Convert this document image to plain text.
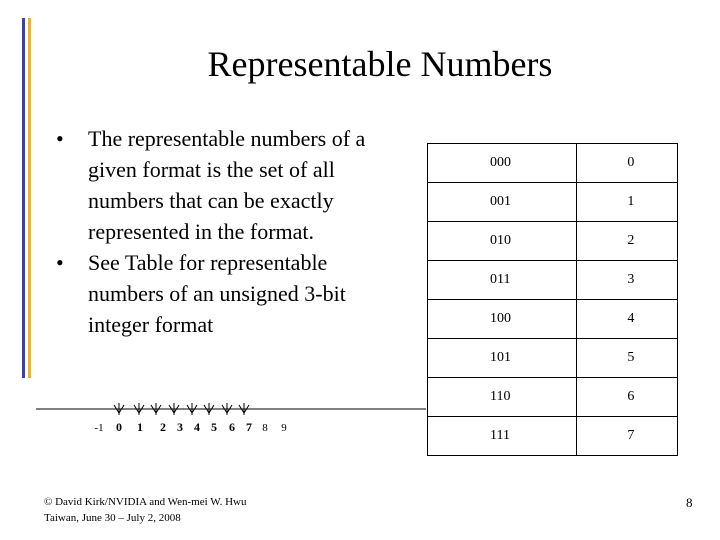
Representable Numbers
• The representable numbers of a given format is the set of all numbers that can be exactly represented in the format.
• See Table for representable numbers of an unsigned 3-bit integer format
000	0
001	1
010	2
011	3
100	4
101	5
110	6
111	7
-1 0 1 2 3 4 5 6 7 8 9
© David Kirk/NVIDIA and Wen-mei W. Hwu
Taiwan, June 30 – July 2, 2008
8
